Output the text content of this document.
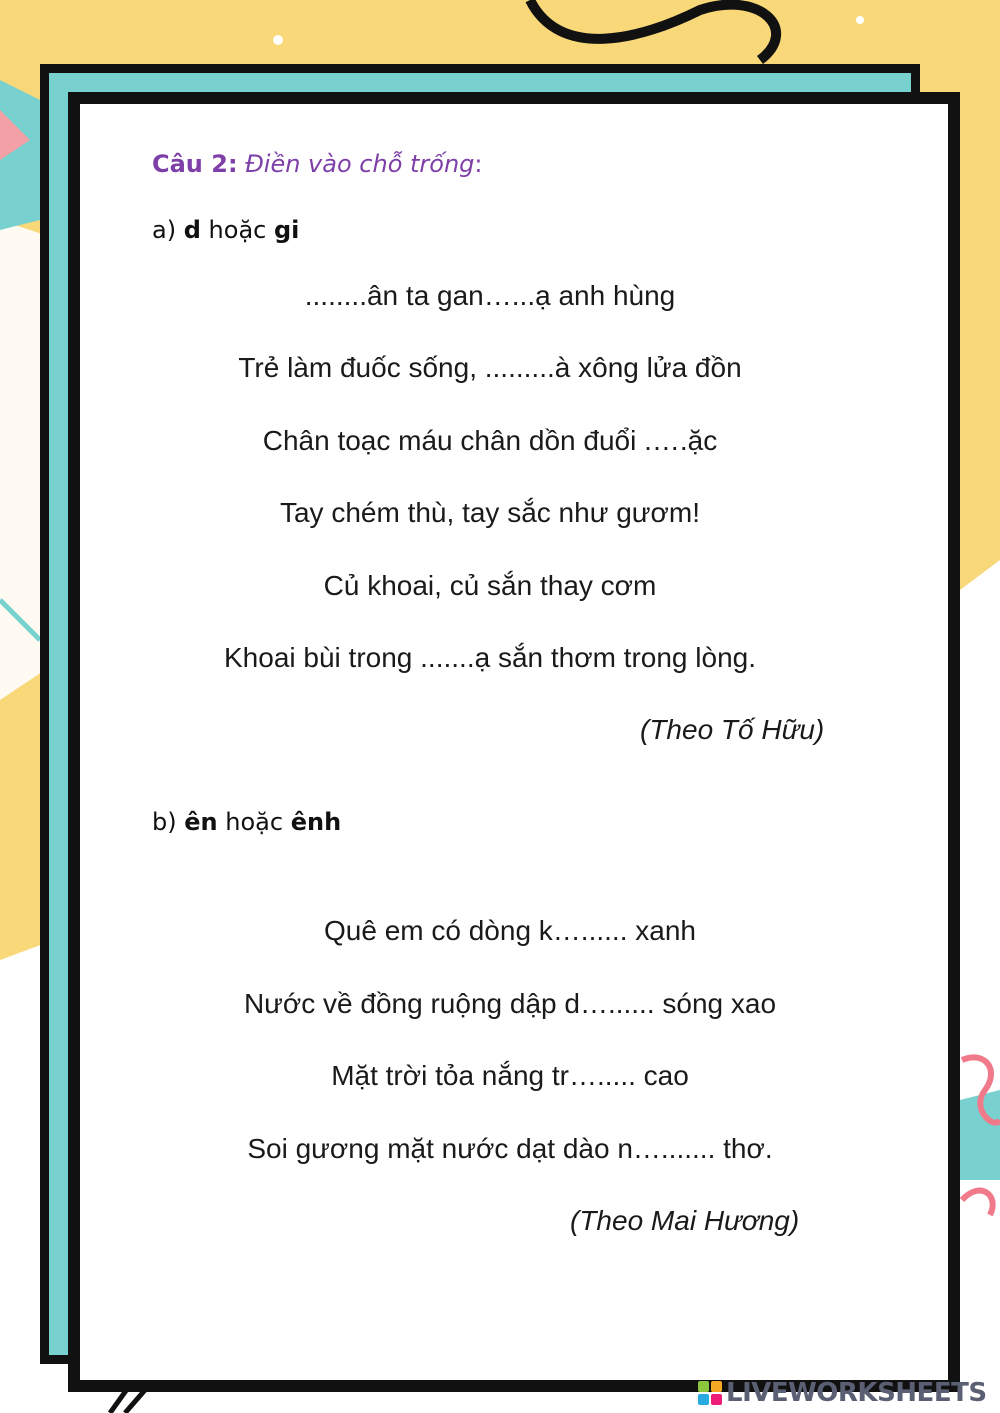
Câu 2: Điền vào chỗ trống:
a) d hoặc gi
........ân ta gan…...ạ anh hùng
Trẻ làm đuốc sống, .........à xông lửa đồn
Chân toạc máu chân dồn đuổi .….ặc
Tay chém thù, tay sắc như gươm!
Củ khoai, củ sắn thay cơm
Khoai bùi trong .......ạ sắn thơm trong lòng.
(Theo Tố Hữu)
b) ên hoặc ênh
Quê em có dòng k…...... xanh
Nước về đồng ruộng dập d…...... sóng xao
Mặt trời tỏa nắng tr…..... cao
Soi gương mặt nước dạt dào n…....... thơ.
(Theo Mai Hương)
LIVEWORKSHEETS
